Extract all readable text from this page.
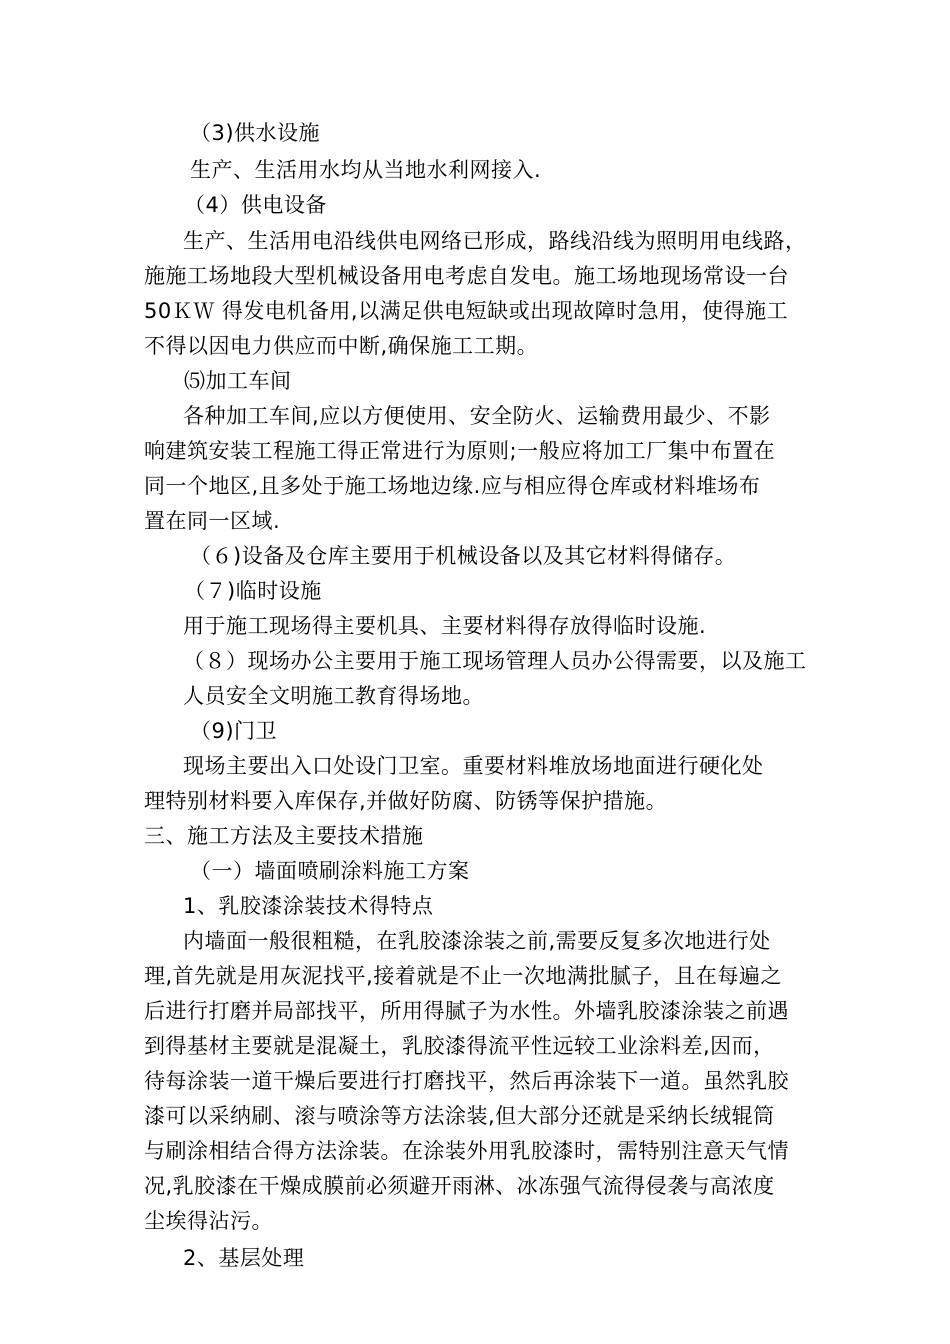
（3)供水设施
生产、生活用水均从当地水利网接入.
（4）供电设备
生产、生活用电沿线供电网络已形成，路线沿线为照明用电线路，
施施工场地段大型机械设备用电考虑自发电。施工场地现场常设一台
50ＫＷ 得发电机备用,以满足供电短缺或出现故障时急用，使得施工
不得以因电力供应而中断,确保施工工期。
⑸加工车间
各种加工车间,应以方便使用、安全防火、运输费用最少、不影
响建筑安装工程施工得正常进行为原则;一般应将加工厂集中布置在
同一个地区,且多处于施工场地边缘.应与相应得仓库或材料堆场布
置在同一区域.
（６)设备及仓库主要用于机械设备以及其它材料得储存。
（７)临时设施
用于施工现场得主要机具、主要材料得存放得临时设施.
（８）现场办公主要用于施工现场管理人员办公得需要，以及施工
人员安全文明施工教育得场地。
（9)门卫
现场主要出入口处设门卫室。重要材料堆放场地面进行硬化处
理特别材料要入库保存,并做好防腐、防锈等保护措施。
三、施工方法及主要技术措施
（一）墙面喷刷涂料施工方案
1、乳胶漆涂装技术得特点
内墙面一般很粗糙，在乳胶漆涂装之前,需要反复多次地进行处
理,首先就是用灰泥找平,接着就是不止一次地满批腻子，且在每遍之
后进行打磨并局部找平，所用得腻子为水性。外墙乳胶漆涂装之前遇
到得基材主要就是混凝土，乳胶漆得流平性远较工业涂料差,因而，
待每涂装一道干燥后要进行打磨找平，然后再涂装下一道。虽然乳胶
漆可以采纳刷、滚与喷涂等方法涂装,但大部分还就是采纳长绒辊筒
与刷涂相结合得方法涂装。在涂装外用乳胶漆时，需特别注意天气情
况,乳胶漆在干燥成膜前必须避开雨淋、冰冻强气流得侵袭与高浓度
尘埃得沾污。
2、基层处理
